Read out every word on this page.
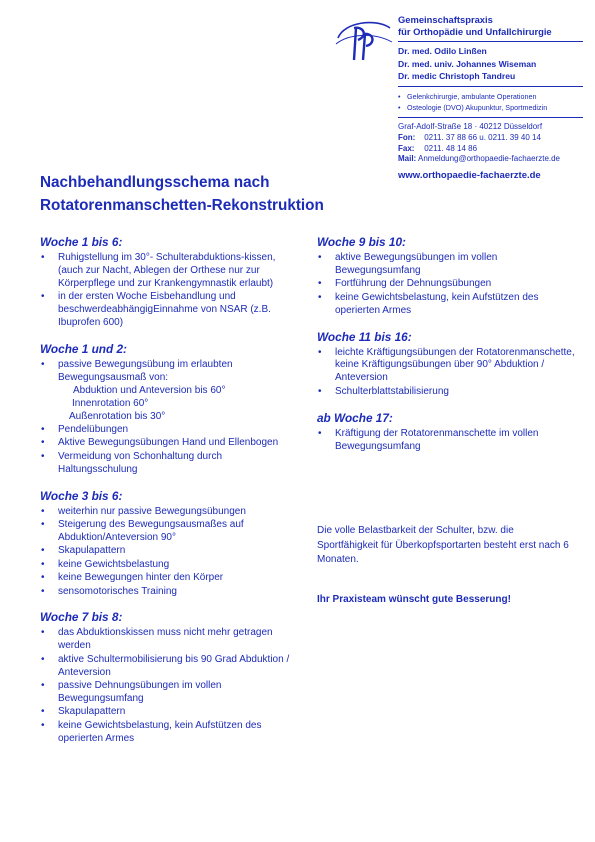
Gemeinschaftspraxis
für Orthopädie und Unfallchirurgie
Dr. med. Odilo Linßen
Dr. med. univ. Johannes Wiseman
Dr. medic Christoph Tandreu
• Gelenkchirurgie, ambulante Operationen
• Osteologie (DVO) Akupunktur, Sportmedizin
Graf-Adolf-Straße 18 · 40212 Düsseldorf
Fon: 0211. 37 88 66 u. 0211. 39 40 14
Fax: 0211. 48 14 86
Mail: Anmeldung@orthopaedie-fachaerzte.de
www.orthopaedie-fachaerzte.de
Nachbehandlungsschema nach
Rotatorenmanschetten-Rekonstruktion
Woche 1 bis 6:
• Ruhigstellung im 30°- Schulterabduktions-kissen, (auch zur Nacht, Ablegen der Orthese nur zur Körperpflege und zur Krankengymnastik erlaubt)
• in der ersten Woche Eisbehandlung und beschwerdeabhängigEinnahme von NSAR (z.B. Ibuprofen 600)
Woche 1 und 2:
• passive Bewegungsübung im erlaubten Bewegungsausmaß von:
Abduktion und Anteversion bis 60°
Innenrotation 60°
Außenrotation bis 30°
• Pendelübungen
• Aktive Bewegungsübungen Hand und Ellenbogen
• Vermeidung von Schonhaltung durch Haltungsschulung
Woche 3 bis 6:
• weiterhin nur passive Bewegungsübungen
• Steigerung des Bewegungsausmaßes auf Abduktion/Anteversion 90°
• Skapulapattern
• keine Gewichtsbelastung
• keine Bewegungen hinter den Körper
• sensomotorisches Training
Woche 7 bis 8:
• das Abduktionskissen muss nicht mehr getragen werden
• aktive Schultermobilisierung bis 90 Grad Abduktion / Anteversion
• passive Dehnungsübungen im vollen Bewegungsumfang
• Skapulapattern
• keine Gewichtsbelastung, kein Aufstützen des operierten Armes
Woche 9 bis 10:
• aktive Bewegungsübungen im vollen Bewegungsumfang
• Fortführung der Dehnungsübungen
• keine Gewichtsbelastung, kein Aufstützen des operierten Armes
Woche 11 bis 16:
• leichte Kräftigungsübungen der Rotatorenmanschette, keine Kräftigungsübungen über 90° Abduktion / Anteversion
• Schulterblattstabilisierung
ab Woche 17:
• Kräftigung der Rotatorenmanschette im vollen Bewegungsumfang
Die volle Belastbarkeit der Schulter, bzw. die Sportfähigkeit für Überkopfsportarten besteht erst nach 6 Monaten.
Ihr Praxisteam wünscht gute Besserung!
